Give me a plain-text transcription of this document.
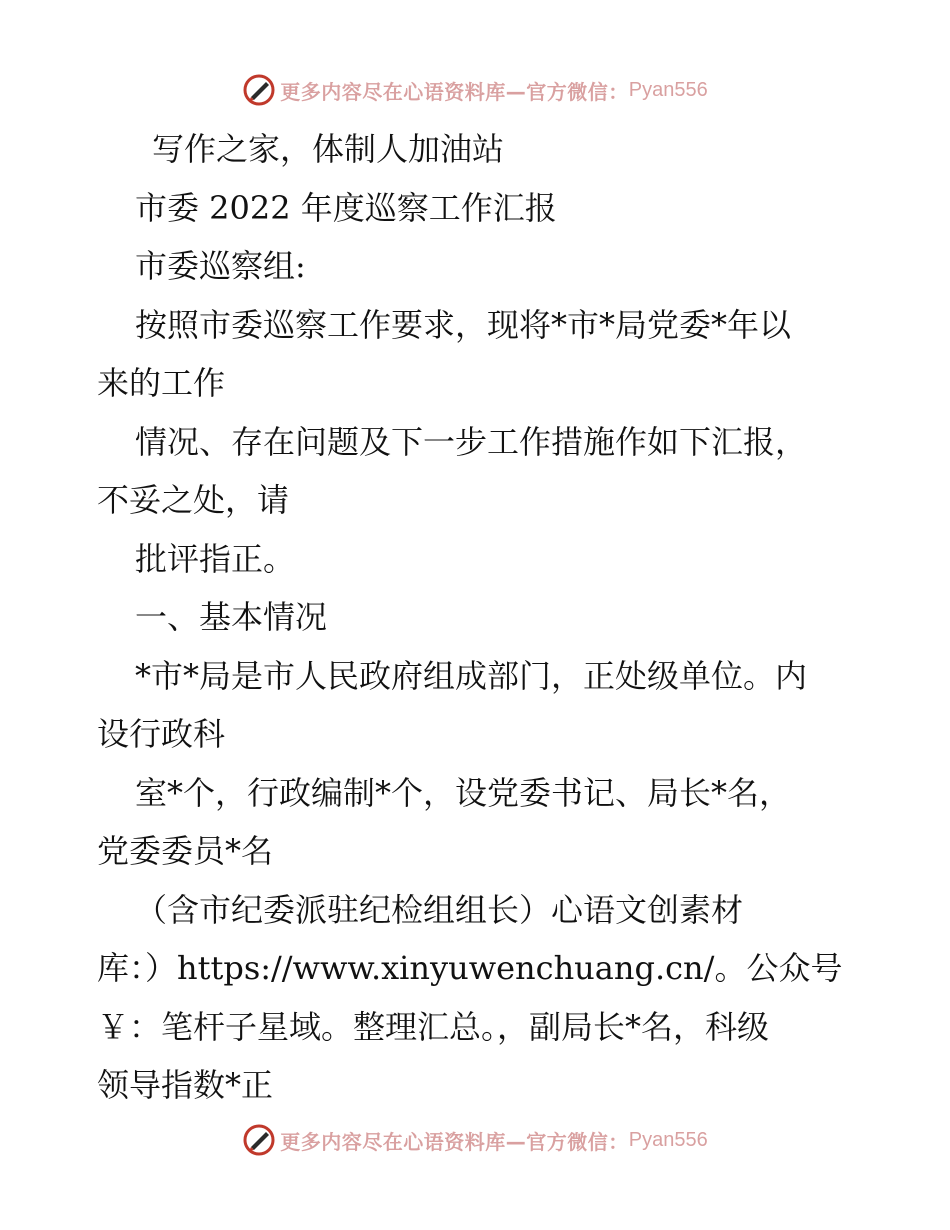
更多内容尽在心语资料库—官方微信： Pyan556
写作之家，体制人加油站
市委 2022 年度巡察工作汇报
市委巡察组:
按照市委巡察工作要求，现将*市*局党委*年以
来的工作
情况、存在问题及下一步工作措施作如下汇报，
不妥之处，请
批评指正。
一、基本情况
*市*局是市人民政府组成部门，正处级单位。内
设行政科
室*个，行政编制*个，设党委书记、局长*名，
党委委员*名
（含市纪委派驻纪检组组长）心语文创素材
库：）https://www.xinyuwenchuang.cn/。公众号
￥：笔杆子星域。整理汇总。，副局长*名，科级
领导指数*正
更多内容尽在心语资料库—官方微信： Pyan556
